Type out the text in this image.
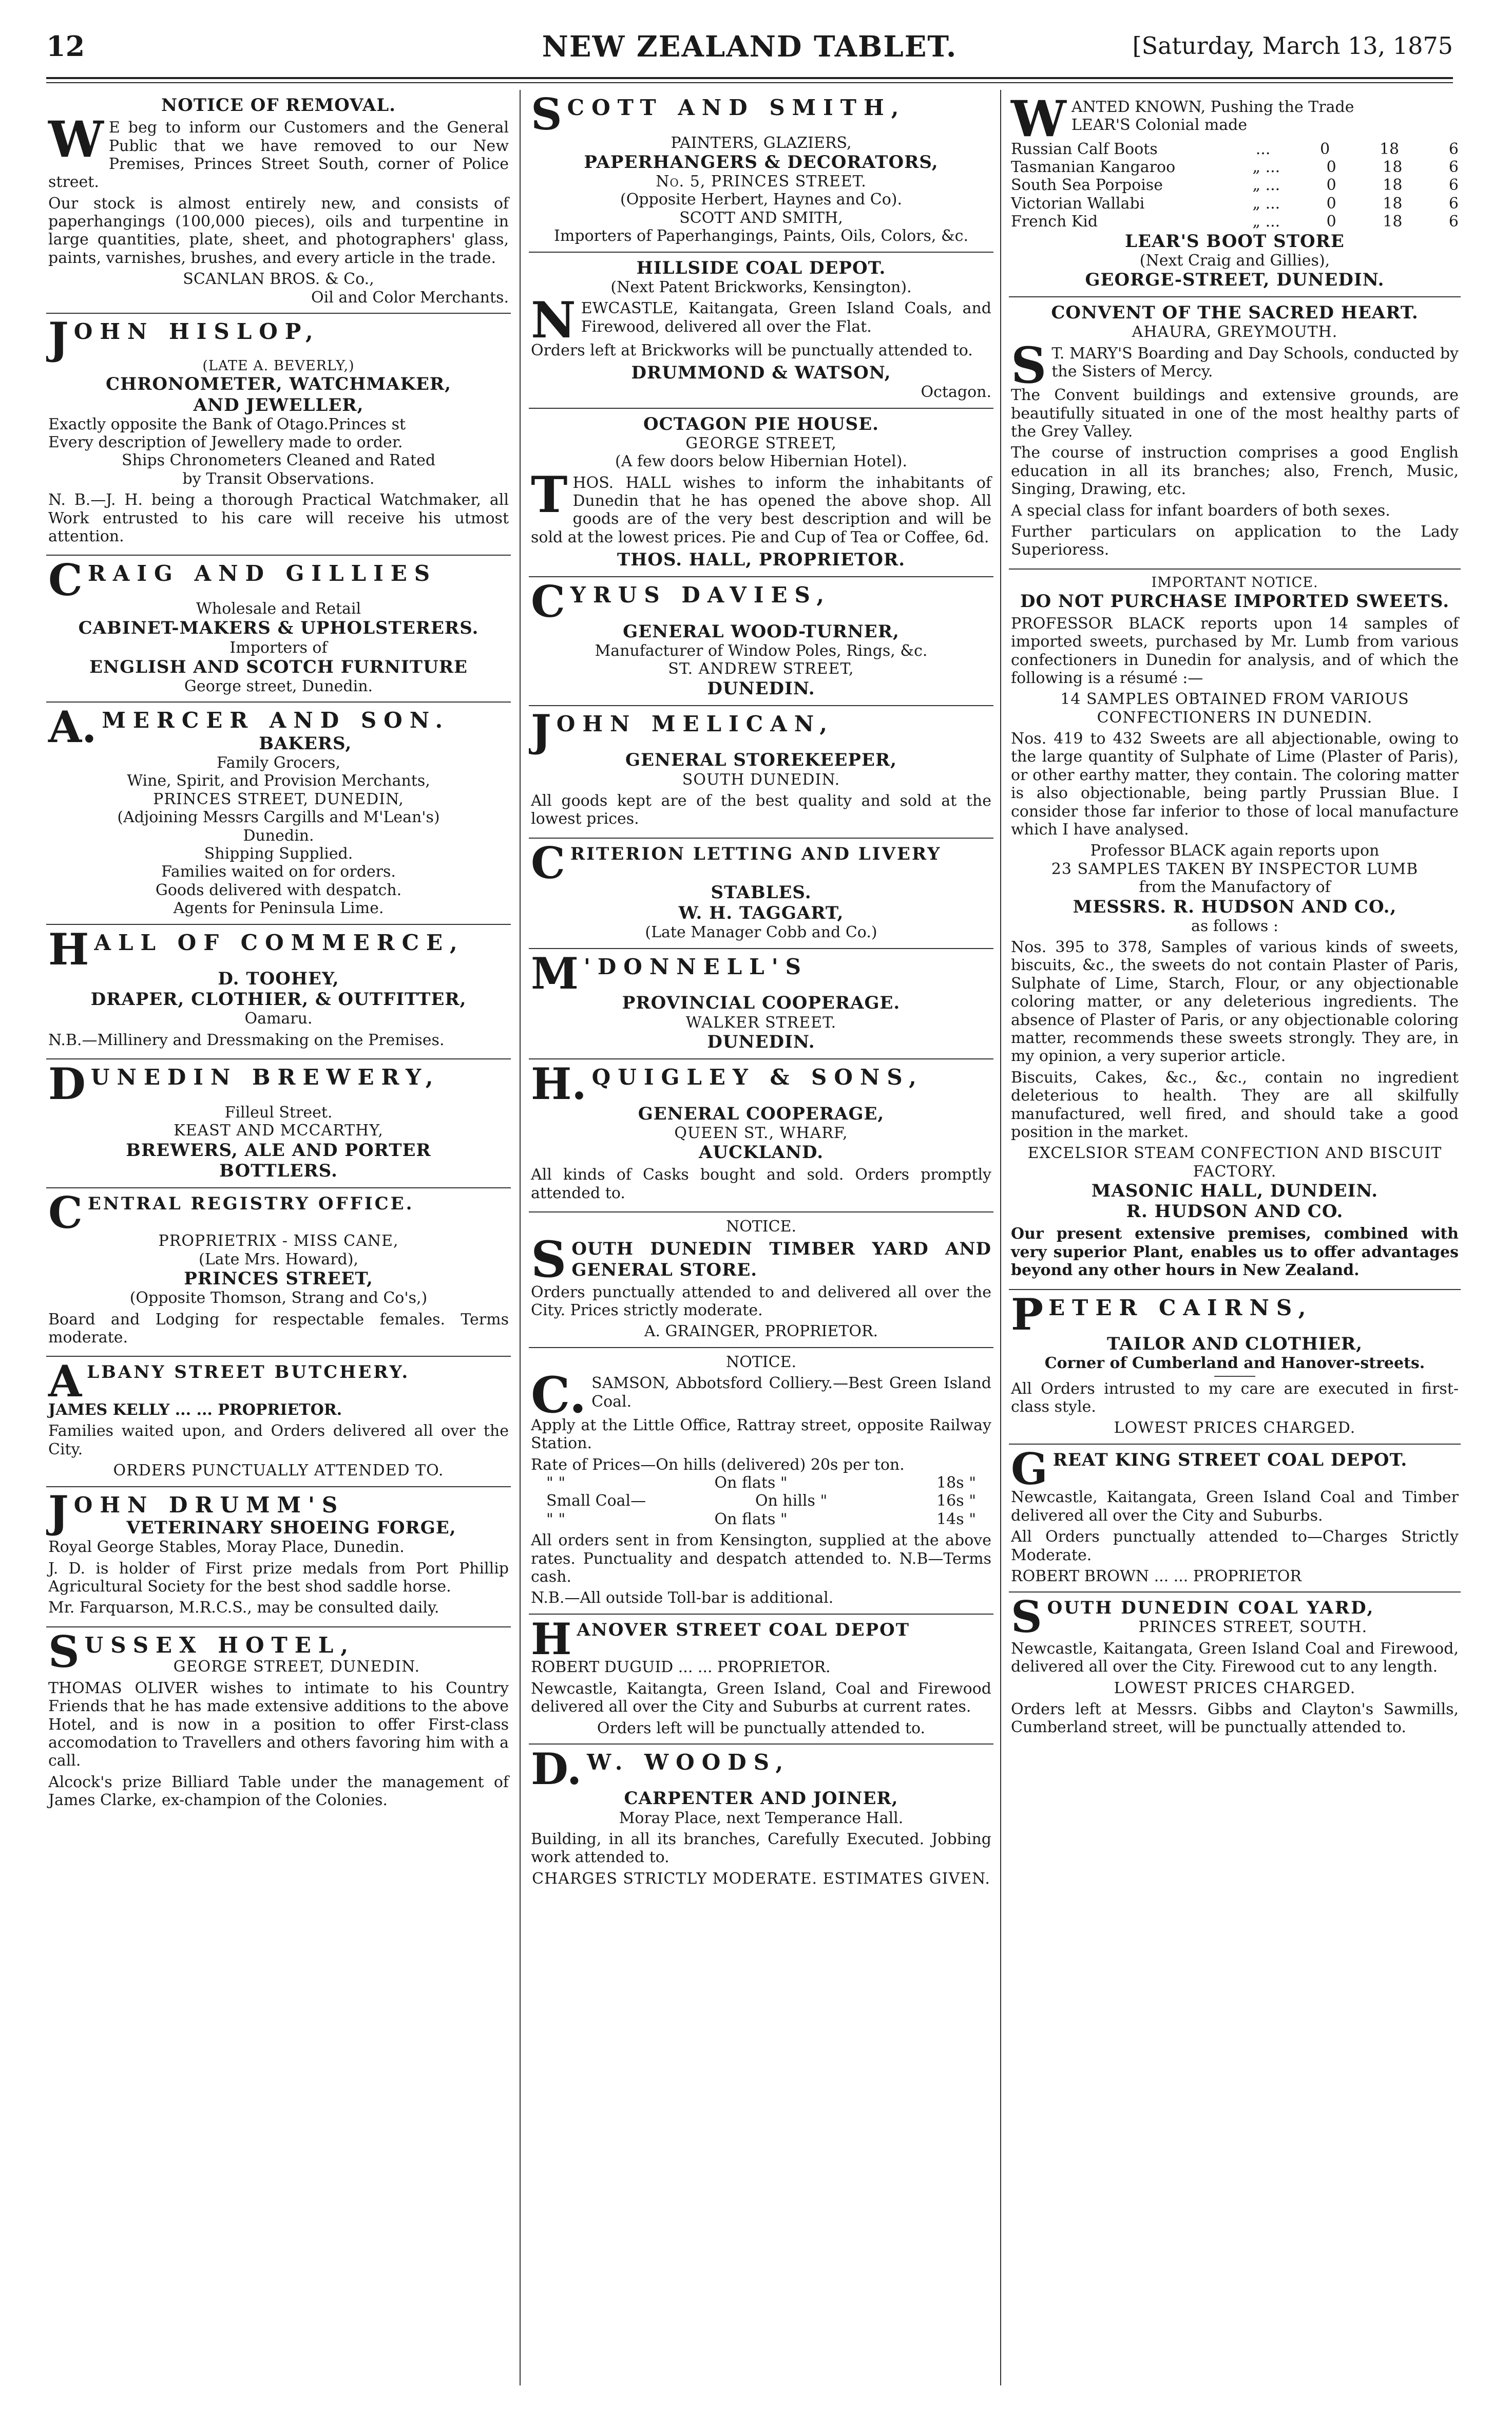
12	NEW ZEALAND TABLET.	[Saturday, March 13, 1875
NOTICE OF REMOVAL.

W E beg to inform our Customers and the General Public that we have removed to our New Premises, Princes Street South, corner of Police street.

Our stock is almost entirely new, and consists of paperhangings (100,000 pieces), oils and turpentine in large quantities, plate, sheet, and photographers' glass, paints, varnishes, brushes, and every article in the trade.

SCANLAN BROS. & Co.,
Oil and Color Merchants.
JOHN HISLOP,
(LATE A. BEVERLY,)
CHRONOMETER, WATCHMAKER,
AND JEWELLER,
Exactly opposite the Bank of Otago.Princes st
Every description of Jewellery made to order.
Ships Chronometers Cleaned and Rated
by Transit Observations.

N. B.—J. H. being a thorough Practical Watchmaker, all Work entrusted to his care will receive his utmost attention.

CRAIG AND GILLIES
Wholesale and Retail
CABINET-MAKERS & UPHOLSTERERS.
Importers of
ENGLISH AND SCOTCH FURNITURE
George street, Dunedin.
A. MERCER AND SON.
BAKERS,
Family Grocers,
Wine, Spirit, and Provision Merchants,
PRINCES STREET, DUNEDIN,
(Adjoining Messrs Cargills and M'Lean's)
Dunedin.
Shipping Supplied.
Families waited on for orders.
Goods delivered with despatch.
Agents for Peninsula Lime.
HALL OF COMMERCE,
D. TOOHEY,
DRAPER, CLOTHIER, & OUTFITTER,
Oamaru.

N.B.—Millinery and Dressmaking on the Premises.

DUNEDIN BREWERY,
Filleul Street.
KEAST AND MCCARTHY,
BREWERS, ALE AND PORTER
BOTTLERS.
CENTRAL REGISTRY OFFICE.
PROPRIETRIX - MISS CANE,
(Late Mrs. Howard),
PRINCES STREET,
(Opposite Thomson, Strang and Co's,)

Board and Lodging for respectable females. Terms moderate.

ALBANY STREET BUTCHERY.
JAMES KELLY ... ... PROPRIETOR.

Families waited upon, and Orders delivered all over the City.

ORDERS PUNCTUALLY ATTENDED TO.
JOHN DRUMM'S
VETERINARY SHOEING FORGE,
Royal George Stables, Moray Place, Dunedin.

J. D. is holder of First prize medals from Port Phillip Agricultural Society for the best shod saddle horse.

Mr. Farquarson, M.R.C.S., may be consulted daily.

SUSSEX HOTEL,
GEORGE STREET, DUNEDIN.

THOMAS OLIVER wishes to intimate to his Country Friends that he has made extensive additions to the above Hotel, and is now in a position to offer First-class accomodation to Travellers and others favoring him with a call.

Alcock's prize Billiard Table under the management of James Clarke, ex-champion of the Colonies.

SCOTT AND SMITH,
PAINTERS, GLAZIERS,
PAPERHANGERS & DECORATORS,
No. 5, PRINCES STREET.
(Opposite Herbert, Haynes and Co).
SCOTT AND SMITH,
Importers of Paperhangings, Paints, Oils, Colors, &c.
HILLSIDE COAL DEPOT.
(Next Patent Brickworks, Kensington).

NEWCASTLE, Kaitangata, Green Island Coals, and Firewood, delivered all over the Flat.

Orders left at Brickworks will be punctually attended to.

DRUMMOND & WATSON,
Octagon.
OCTAGON PIE HOUSE.
GEORGE STREET,
(A few doors below Hibernian Hotel).

THOS. HALL wishes to inform the inhabitants of Dunedin that he has opened the above shop. All goods are of the very best description and will be sold at the lowest prices. Pie and Cup of Tea or Coffee, 6d.

THOS. HALL, PROPRIETOR.
CYRUS DAVIES,
GENERAL WOOD-TURNER,
Manufacturer of Window Poles, Rings, &c.
ST. ANDREW STREET,
DUNEDIN.
JOHN MELICAN,
GENERAL STOREKEEPER,
SOUTH DUNEDIN.

All goods kept are of the best quality and sold at the lowest prices.

CRITERION LETTING AND LIVERY
STABLES.
W. H. TAGGART,
(Late Manager Cobb and Co.)
M 'DONNELL'S
PROVINCIAL COOPERAGE.
WALKER STREET.
DUNEDIN.
H. QUIGLEY & SONS,
GENERAL COOPERAGE,
QUEEN ST., WHARF,
AUCKLAND.

All kinds of Casks bought and sold. Orders promptly attended to.

NOTICE.

SOUTH DUNEDIN TIMBER YARD AND GENERAL STORE.

Orders punctually attended to and delivered all over the City. Prices strictly moderate.

A. GRAINGER, PROPRIETOR.
NOTICE.

C. SAMSON, Abbotsford Colliery.—Best Green Island Coal.

Apply at the Little Office, Rattray street, opposite Railway Station.

Rate of Prices—On hills (delivered) 20s per ton.
" "	On flats "	18s "
Small Coal—	On hills "	16s "
" "	On flats "	14s "

All orders sent in from Kensington, supplied at the above rates. Punctuality and despatch attended to. N.B—Terms cash.

N.B.—All outside Toll-bar is additional.
HANOVER STREET COAL DEPOT
ROBERT DUGUID ... ... PROPRIETOR.

Newcastle, Kaitangta, Green Island, Coal and Firewood delivered all over the City and Suburbs at current rates.

Orders left will be punctually attended to.
D. W. WOODS,
CARPENTER AND JOINER,
Moray Place, next Temperance Hall.

Building, in all its branches, Carefully Executed. Jobbing work attended to.

CHARGES STRICTLY MODERATE. ESTIMATES GIVEN.

WANTED KNOWN, Pushing the Trade
LEAR'S Colonial made

Russian Calf Boots	...	0	18	6
Tasmanian Kangaroo	„ ...	0	18	6
South Sea Porpoise	„ ...	0	18	6
Victorian Wallabi	„ ...	0	18	6
French Kid	„ ...	0	18	6
LEAR'S BOOT STORE
(Next Craig and Gillies),
GEORGE-STREET, DUNEDIN.
CONVENT OF THE SACRED HEART.
AHAURA, GREYMOUTH.

S T. MARY'S Boarding and Day Schools, conducted by the Sisters of Mercy.

The Convent buildings and extensive grounds, are beautifully situated in one of the most healthy parts of the Grey Valley.

The course of instruction comprises a good English education in all its branches; also, French, Music, Singing, Drawing, etc.

A special class for infant boarders of both sexes.

Further particulars on application to the Lady Superioress.

IMPORTANT NOTICE.
DO NOT PURCHASE IMPORTED SWEETS.

PROFESSOR BLACK reports upon 14 samples of imported sweets, purchased by Mr. Lumb from various confectioners in Dunedin for analysis, and of which the following is a résumé :—

14 SAMPLES OBTAINED FROM VARIOUS CONFECTIONERS IN DUNEDIN.

Nos. 419 to 432 Sweets are all abjectionable, owing to the large quantity of Sulphate of Lime (Plaster of Paris), or other earthy matter, they contain. The coloring matter is also objectionable, being partly Prussian Blue. I consider those far inferior to those of local manufacture which I have analysed.

Professor BLACK again reports upon
23 SAMPLES TAKEN BY INSPECTOR LUMB
from the Manufactory of
MESSRS. R. HUDSON AND CO.,
as follows :

Nos. 395 to 378, Samples of various kinds of sweets, biscuits, &c., the sweets do not contain Plaster of Paris, Sulphate of Lime, Starch, Flour, or any objectionable coloring matter, or any deleterious ingredients. The absence of Plaster of Paris, or any objectionable coloring matter, recommends these sweets strongly. They are, in my opinion, a very superior article.

Biscuits, Cakes, &c., &c., contain no ingredient deleterious to health. They are all skilfully manufactured, well fired, and should take a good position in the market.

EXCELSIOR STEAM CONFECTION AND BISCUIT FACTORY.
MASONIC HALL, DUNDEIN.
R. HUDSON AND CO.

Our present extensive premises, combined with very superior Plant, enables us to offer advantages beyond any other hours in New Zealand.

PETER CAIRNS,
TAILOR AND CLOTHIER,
Corner of Cumberland and Hanover-streets.

All Orders intrusted to my care are executed in first-class style.

LOWEST PRICES CHARGED.
GREAT KING STREET COAL DEPOT.

Newcastle, Kaitangata, Green Island Coal and Timber delivered all over the City and Suburbs.

All Orders punctually attended to—Charges Strictly Moderate.

ROBERT BROWN ... ... PROPRIETOR
SOUTH DUNEDIN COAL YARD,
PRINCES STREET, SOUTH.

Newcastle, Kaitangata, Green Island Coal and Firewood, delivered all over the City. Firewood cut to any length.

LOWEST PRICES CHARGED.

Orders left at Messrs. Gibbs and Clayton's Sawmills, Cumberland street, will be punctually attended to.
